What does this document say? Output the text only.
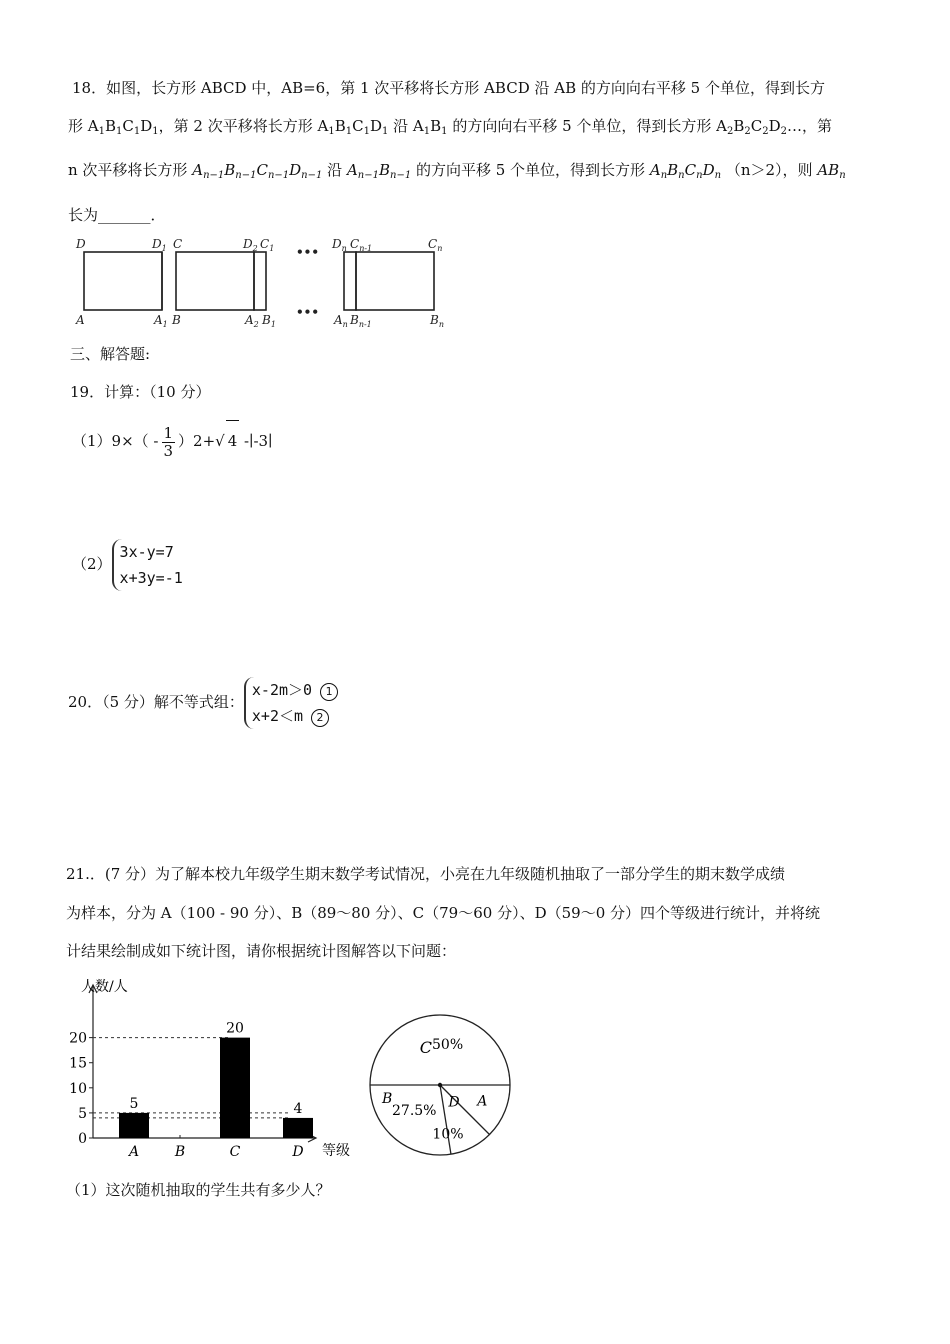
18．如图，长方形 ABCD 中，AB=6，第 1 次平移将长方形 ABCD 沿 AB 的方向向右平移 5 个单位，得到长方
形 $A_1B_1C_1D_1$，第 2 次平移将长方形 $A_1B_1C_1D_1$ 沿 $A_1B_1$ 的方向向右平移 5 个单位，得到长方形 $A_2B_2C_2D_2\dots$，第
n 次平移将长方形 $A_{n-1}B_{n-1}C_{n-1}D_{n-1}$ 沿 $A_{n-1}B_{n-1}$ 的方向平移 5 个单位，得到长方形 $A_nB_nC_nD_n$ （n＞2），则 $AB_n$
长为_______．
D	$D_1$ C	$D_2$ $C_1$ •••
$D_n$ $C_{n-1}$	$C_n$
A	$A_1$ B	$A_2$ $B_1$
•••
$A_n$ $B_{n-1}$	$B_n$
三、解答题:
19．计算：（10 分）
$(1)9\times( - \frac{1}{3} )2+√$ 4 -∣-3∣
（2）
3x-y=7
x+3y=-1
20．（5 分）解不等式组：
x-2m＞0 1
x+2＜m 2
21.．(7 分）为了解本校九年级学生期末数学考试情况，小亮在九年级随机抽取了一部分学生的期末数学成绩
为样本，分为 A（100 - 90 分）、B（89～80 分）、C（79～60 分）、D（59～0 分）四个等级进行统计，并将统
计结果绘制成如下统计图，请你根据统计图解答以下问题：
人数/人
等级
0
5
10
15
20
5
A	B
20
C
4
D
C 50%
A
D
10%
B
27.5%
（1）这次随机抽取的学生共有多少人？
